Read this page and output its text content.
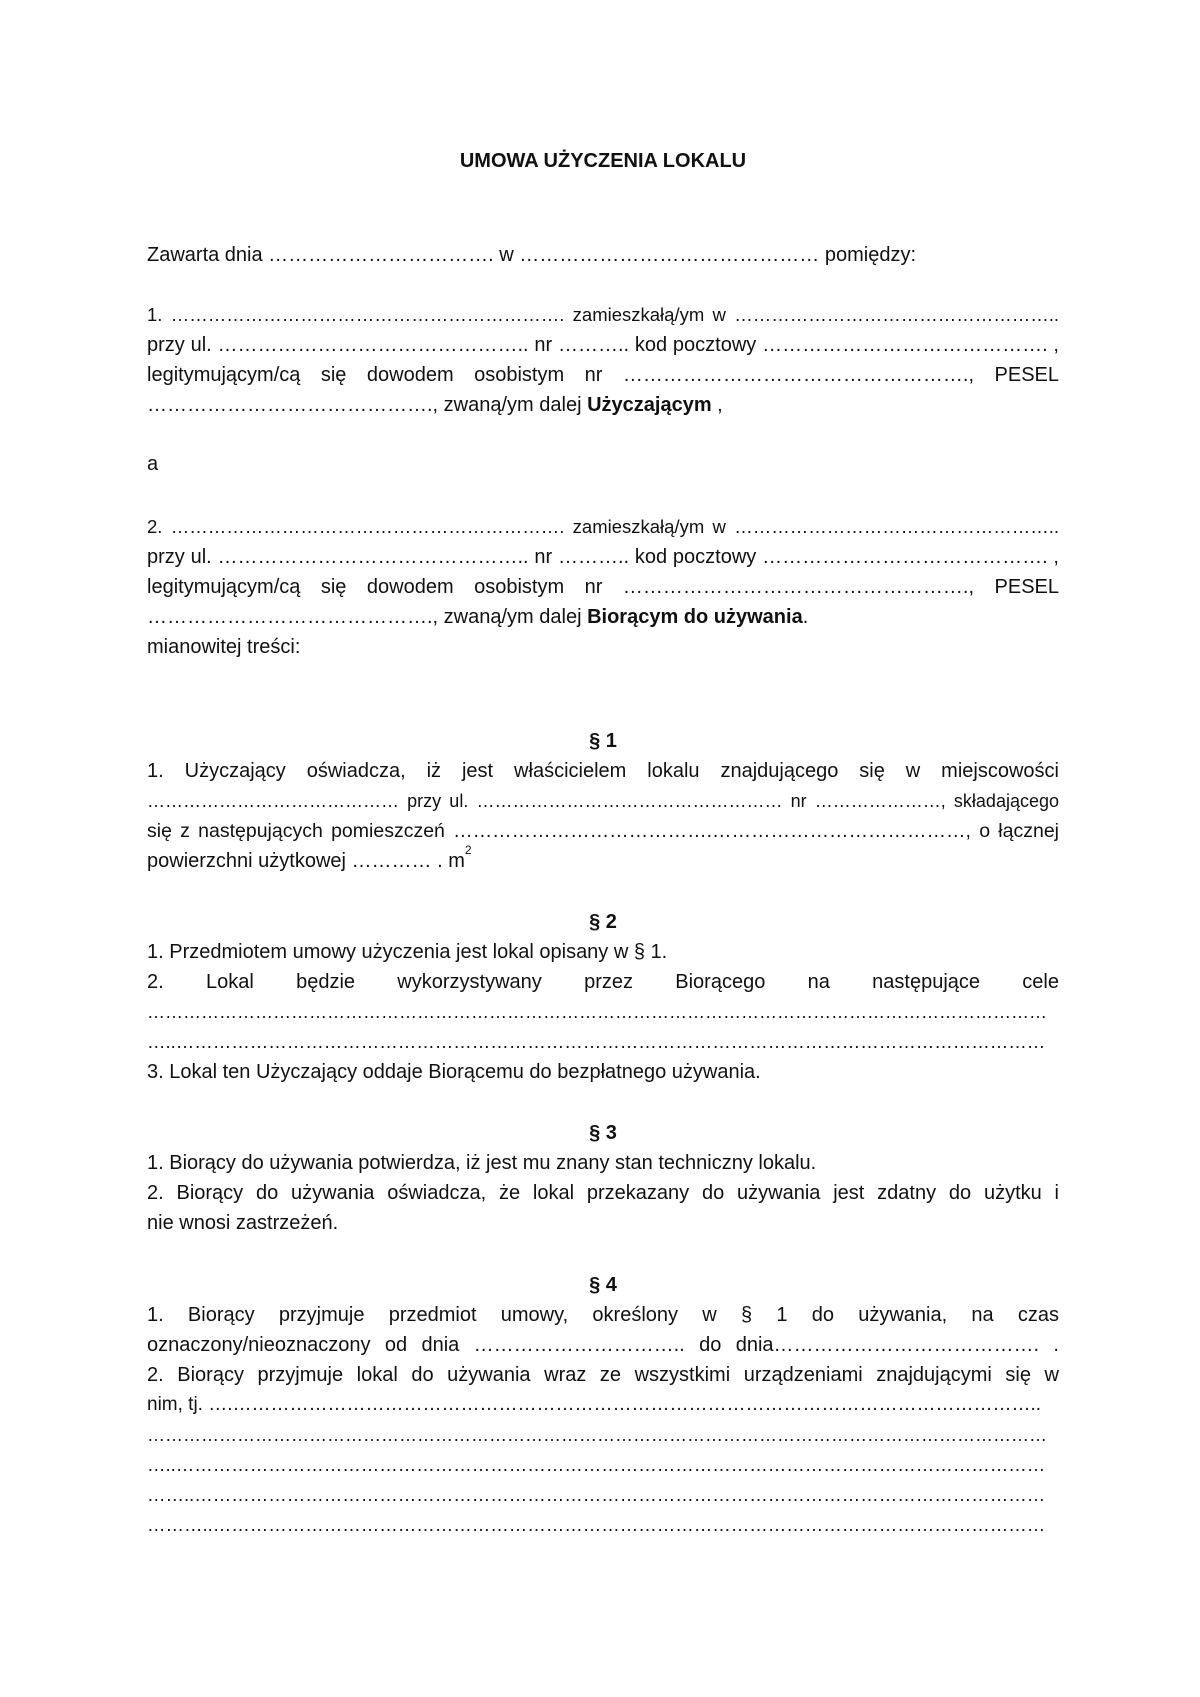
UMOWA UŻYCZENIA LOKALU
Zawarta dnia ……………………………. w ……………………………………… pomiędzy:
1. ………………………………………………………. zamieszkałą/ym w ……………………………………………..
przy ul. ……………………………………….. nr ……….. kod pocztowy ……………………………………. ,
legitymującym/cą się dowodem osobistym nr ……………………………………………., PESEL
……………………………………., zwaną/ym dalej Użyczającym ,
a
2. ………………………………………………………. zamieszkałą/ym w ……………………………………………..
przy ul. ……………………………………….. nr ……….. kod pocztowy ……………………………………. ,
legitymującym/cą się dowodem osobistym nr ……………………………………………., PESEL
……………………………………., zwaną/ym dalej Biorącym do używania.
mianowitej treści:
§ 1
1. Użyczający oświadcza, iż jest właścicielem lokalu znajdującego się w miejscowości
…………………………………… przy ul. …………………………………………… nr …………………, składającego
się z następujących pomieszczeń ………………………………….…………………………………, o łącznej
powierzchni użytkowej ………… . $m^2$
§ 2
1. Przedmiotem umowy użyczenia jest lokal opisany w § 1.
2. Lokal będzie wykorzystywany przez Biorącego na następujące cele
……………………………………………………………………………………………………………………………………
…..……………………………………………………………………………………………………………………………
3. Lokal ten Użyczający oddaje Biorącemu do bezpłatnego używania.
§ 3
1. Biorący do używania potwierdza, iż jest mu znany stan techniczny lokalu.
2. Biorący do używania oświadcza, że lokal przekazany do używania jest zdatny do użytku i
nie wnosi zastrzeżeń.
§ 4
1. Biorący przyjmuje przedmiot umowy, określony w § 1 do używania, na czas
oznaczony/nieoznaczony od dnia ………………………….. do dnia…………………………………. .
2. Biorący przyjmuje lokal do używania wraz ze wszystkimi urządzeniami znajdującymi się w
nim, tj. ….………………………………………………………………………………………………………………..
……………………………………………………………………………………………………………………………………
…..……………………………………………………………………………………………………………………………
……..…………………………………………………………………………………………………………………………
………..………………………………………………………………………………………………………………………
